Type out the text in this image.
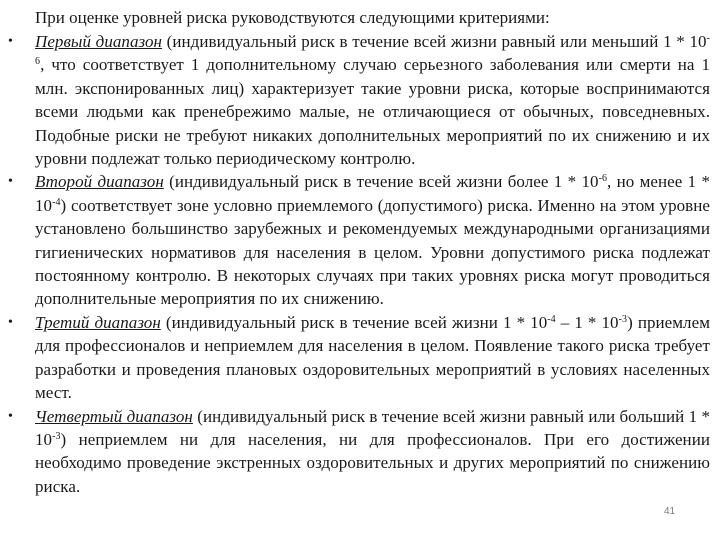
При оценке уровней риска руководствуются следующими критериями:

• Первый диапазон (индивидуальный риск в течение всей жизни равный или меньший $1 * 10^{-6}$, что соответствует 1 дополнительному случаю серьезного заболевания или смерти на 1 млн. экспонированных лиц) характеризует такие уровни риска, которые воспринимаются всеми людьми как пренебрежимо малые, не отличающиеся от обычных, повседневных. Подобные риски не требуют никаких дополнительных мероприятий по их снижению и их уровни подлежат только периодическому контролю.

• Второй диапазон (индивидуальный риск в течение всей жизни более $1 * 10^{-6}$, но менее $1 * 10^{-4}$) соответствует зоне условно приемлемого (допустимого) риска. Именно на этом уровне установлено большинство зарубежных и рекомендуемых международными организациями гигиенических нормативов для населения в целом. Уровни допустимого риска подлежат постоянному контролю. В некоторых случаях при таких уровнях риска могут проводиться дополнительные мероприятия по их снижению.

• Третий диапазон (индивидуальный риск в течение всей жизни $1 * 10^{-4} - 1 * 10^{-3}$) приемлем для профессионалов и неприемлем для населения в целом. Появление такого риска требует разработки и проведения плановых оздоровительных мероприятий в условиях населенных мест.

• Четвертый диапазон (индивидуальный риск в течение всей жизни равный или больший $1 * 10^{-3}$) неприемлем ни для населения, ни для профессионалов. При его достижении необходимо проведение экстренных оздоровительных и других мероприятий по снижению риска.

41
